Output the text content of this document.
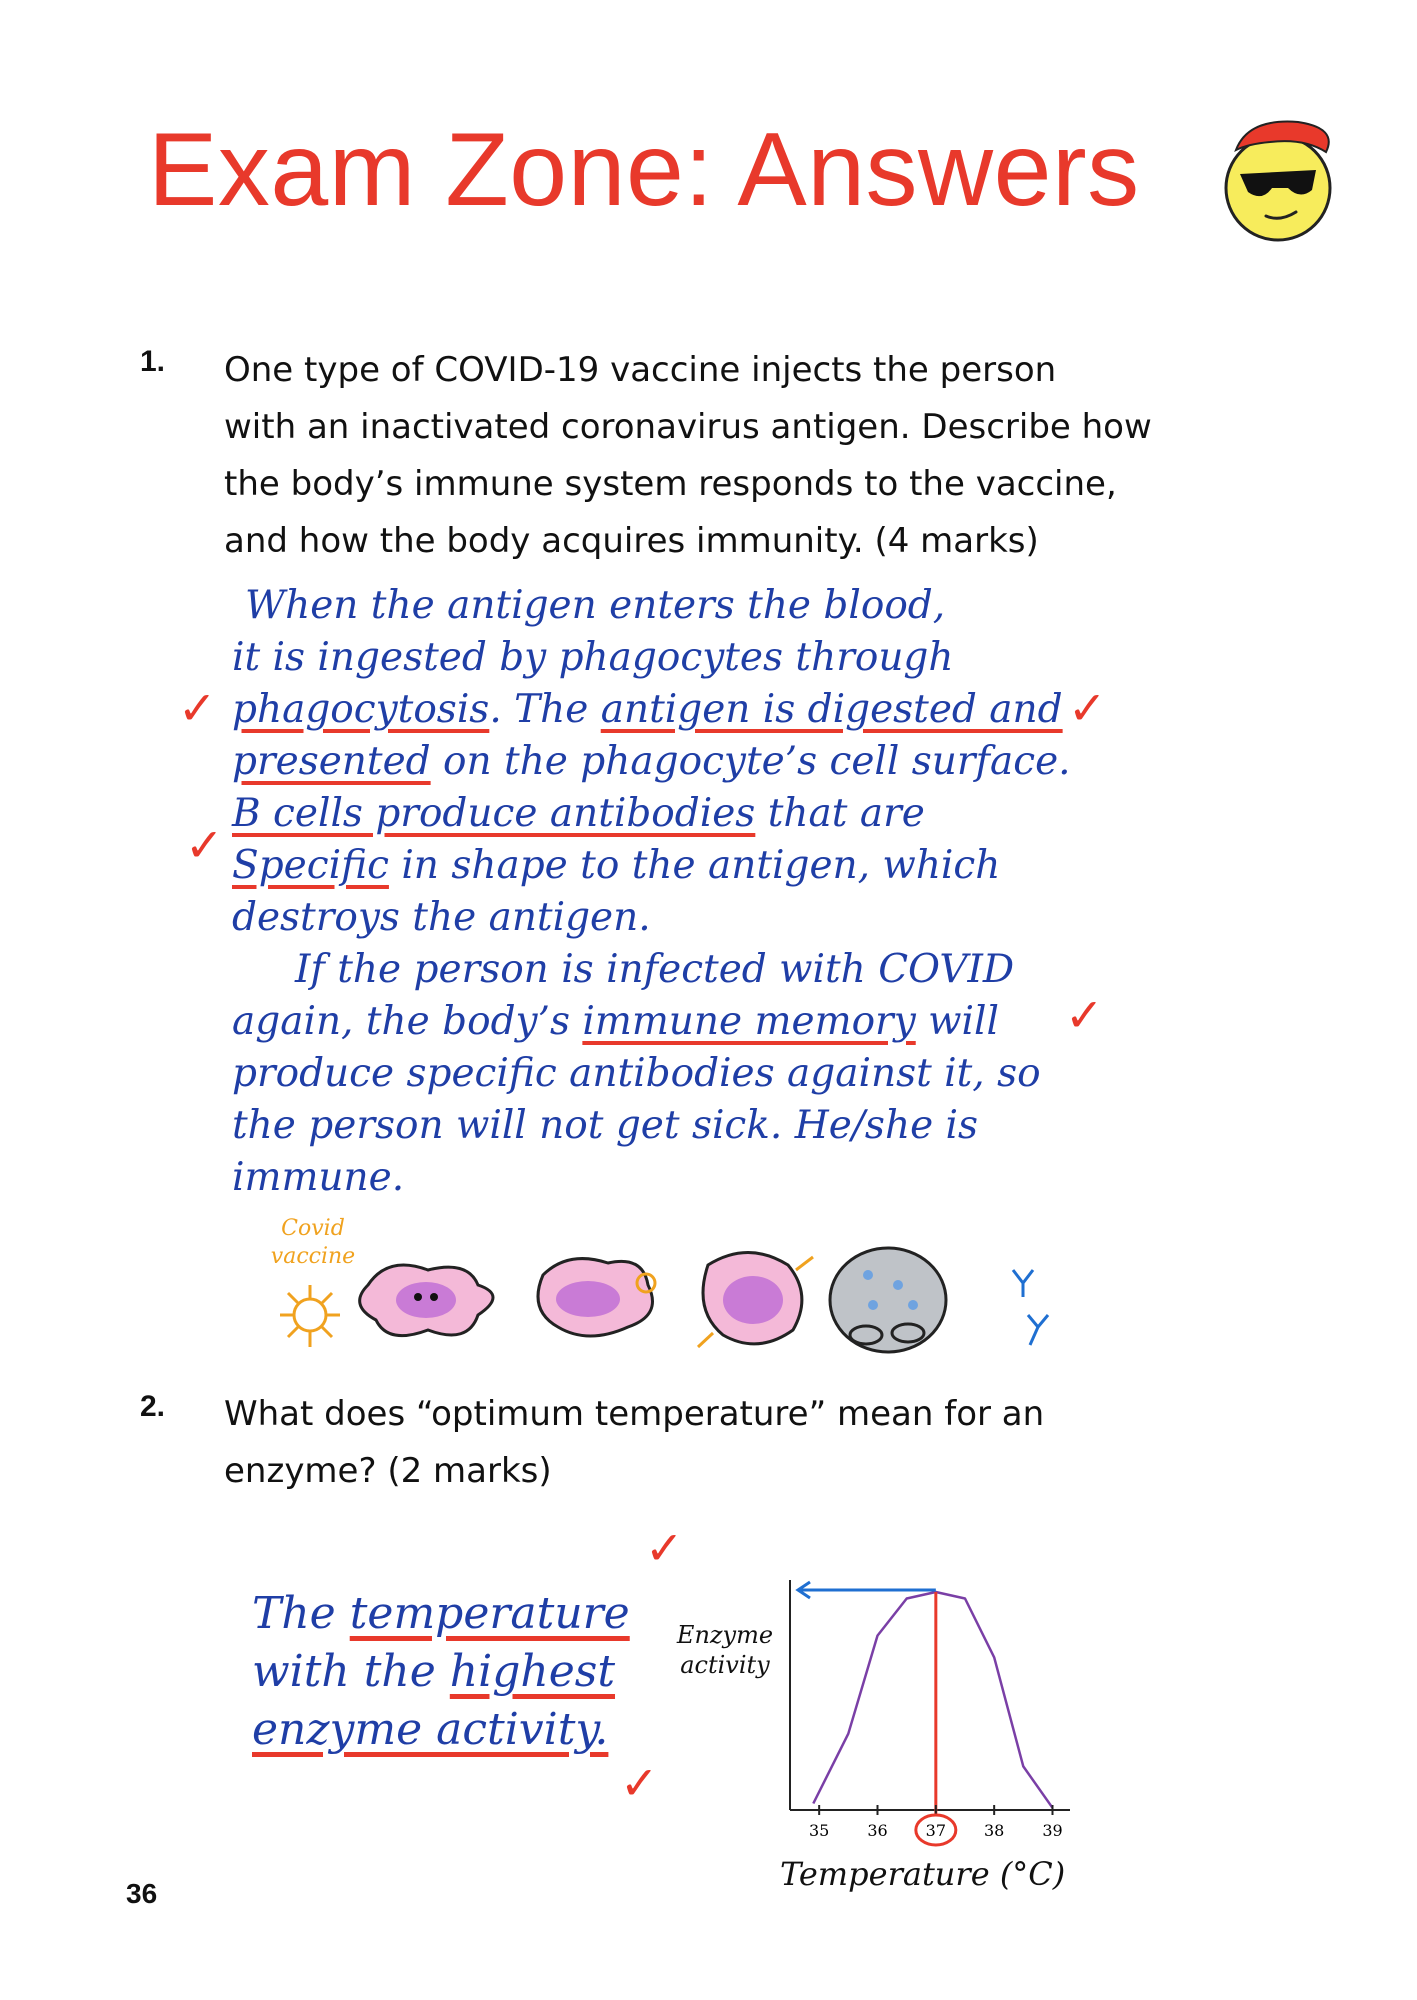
Exam Zone: Answers
1. One type of COVID-19 vaccine injects the person
with an inactivated coronavirus antigen. Describe how
the body’s immune system responds to the vaccine,
and how the body acquires immunity. (4 marks)
When the antigen enters the blood,
it is ingested by phagocytes through
phagocytosis. The antigen is digested and
presented on the phagocyte’s cell surface.
B cells produce antibodies that are
Specific in shape to the antigen, which
destroys the antigen.
If the person is infected with COVID
again, the body’s immune memory will
produce specific antibodies against it, so
the person will not get sick. He/she is
immune.
✓	✓
✓
✓
Covid
vaccine
2. What does “optimum temperature” mean for an
enzyme? (2 marks)
The temperature
with the highest
enzyme activity.
✓
✓
Enzyme
activity
35 36 37 38 39
Temperature (°C)
36
